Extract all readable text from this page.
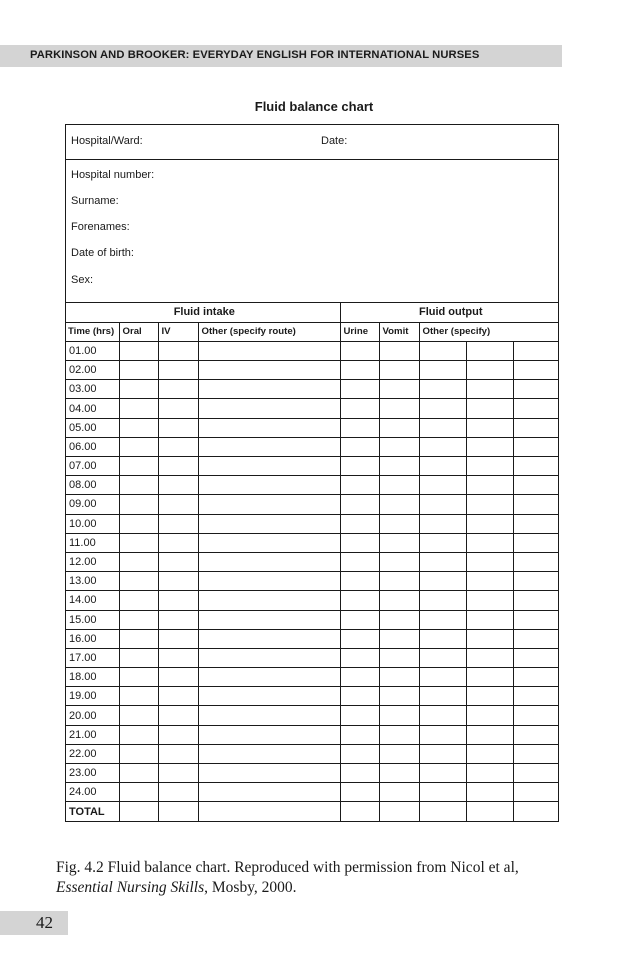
PARKINSON AND BROOKER: EVERYDAY ENGLISH FOR INTERNATIONAL NURSES
Fluid balance chart
Hospital/Ward:	Date:
Hospital number:
Surname:
Forenames:
Date of birth:
Sex:
Fluid intake				Fluid output				
Time (hrs)	Oral	IV	Other (specify route)	Urine	Vomit	Other (specify)		
01.00								
02.00								
03.00								
04.00								
05.00								
06.00								
07.00								
08.00								
09.00								
10.00								
11.00								
12.00								
13.00								
14.00								
15.00								
16.00								
17.00								
18.00								
19.00								
20.00								
21.00								
22.00								
23.00								
24.00								
TOTAL								
Fig. 4.2 Fluid balance chart. Reproduced with permission from Nicol et al, Essential Nursing Skills, Mosby, 2000.
42
